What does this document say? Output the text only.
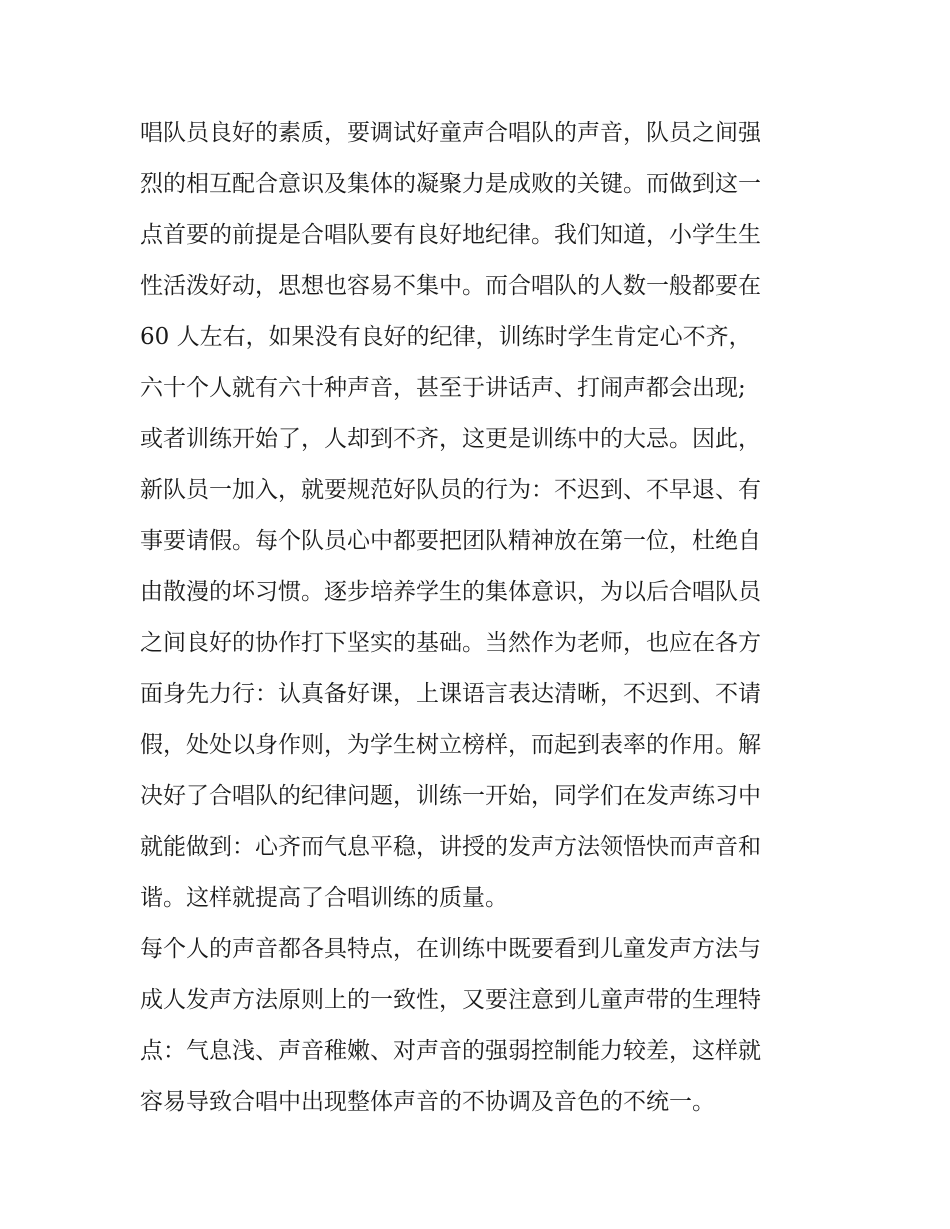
唱队员良好的素质，要调试好童声合唱队的声音，队员之间强
烈的相互配合意识及集体的凝聚力是成败的关键。而做到这一
点首要的前提是合唱队要有良好地纪律。我们知道，小学生生
性活泼好动，思想也容易不集中。而合唱队的人数一般都要在
60 人左右，如果没有良好的纪律，训练时学生肯定心不齐，
六十个人就有六十种声音，甚至于讲话声、打闹声都会出现;
或者训练开始了，人却到不齐，这更是训练中的大忌。因此，
新队员一加入，就要规范好队员的行为：不迟到、不早退、有
事要请假。每个队员心中都要把团队精神放在第一位，杜绝自
由散漫的坏习惯。逐步培养学生的集体意识，为以后合唱队员
之间良好的协作打下坚实的基础。当然作为老师，也应在各方
面身先力行：认真备好课，上课语言表达清晰，不迟到、不请
假，处处以身作则，为学生树立榜样，而起到表率的作用。解
决好了合唱队的纪律问题，训练一开始，同学们在发声练习中
就能做到：心齐而气息平稳，讲授的发声方法领悟快而声音和
谐。这样就提高了合唱训练的质量。
每个人的声音都各具特点，在训练中既要看到儿童发声方法与
成人发声方法原则上的一致性，又要注意到儿童声带的生理特
点：气息浅、声音稚嫩、对声音的强弱控制能力较差，这样就
容易导致合唱中出现整体声音的不协调及音色的不统一。
